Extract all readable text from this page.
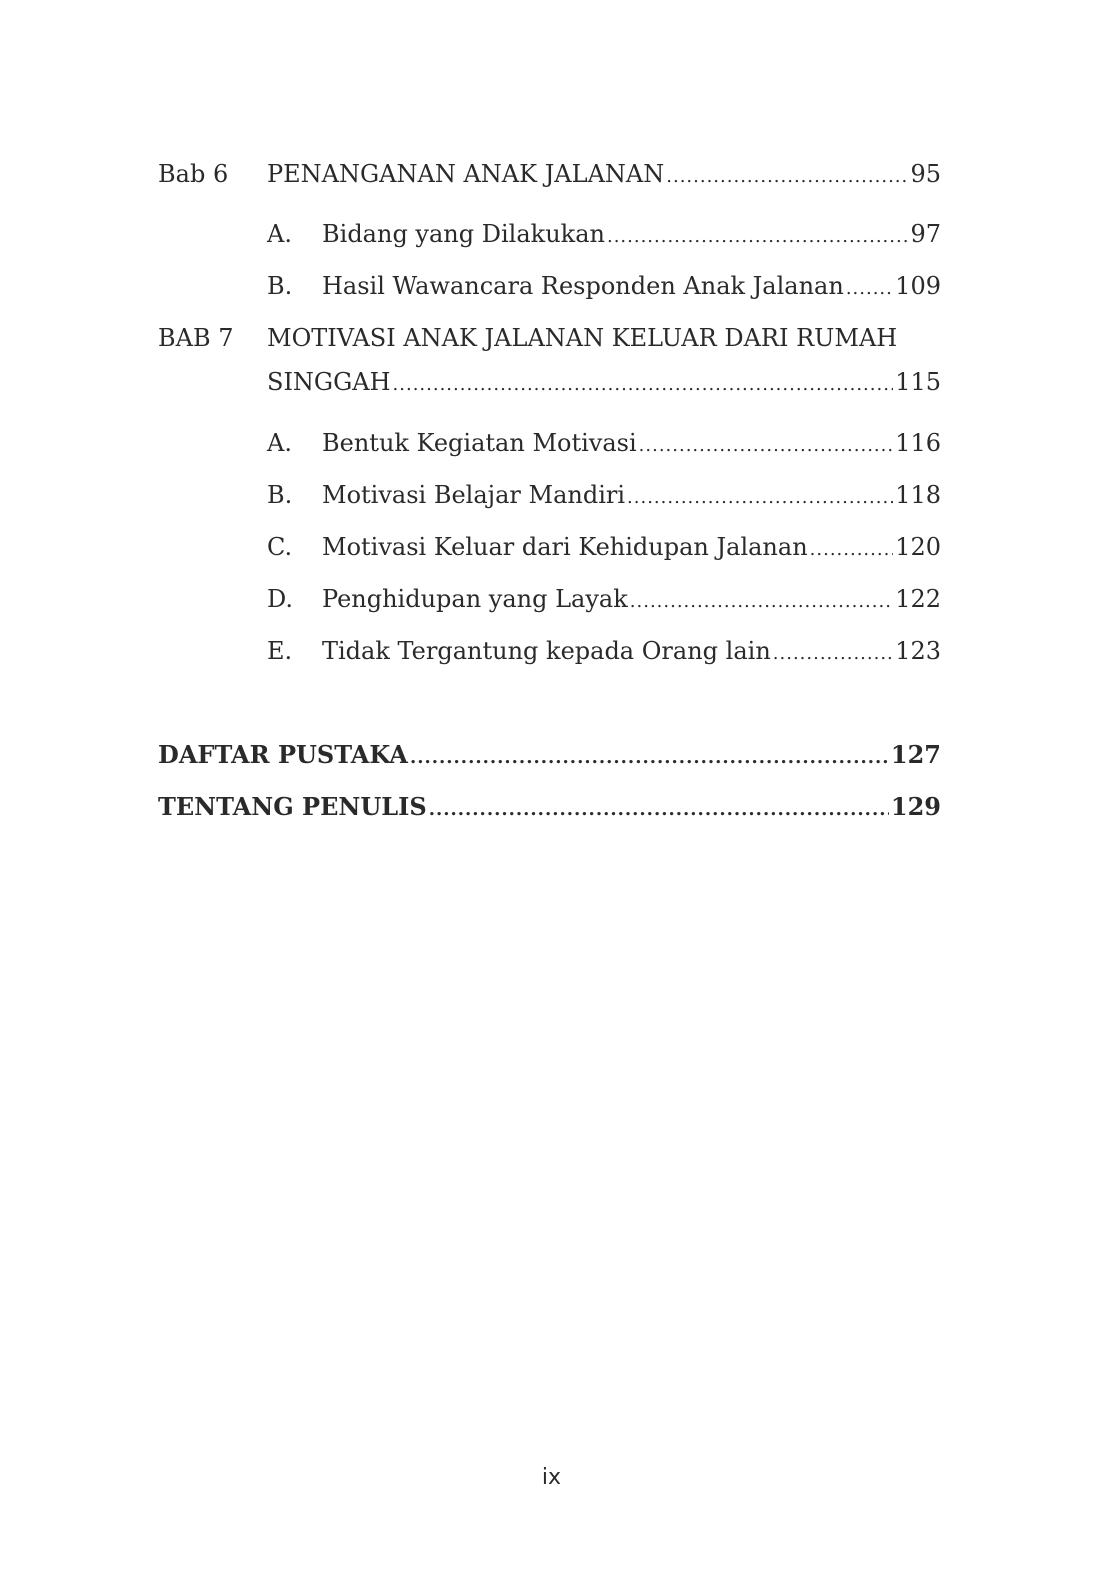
Bab 6 PENANGANAN ANAK JALANAN .....	95
A. Bidang yang Dilakukan .....	97
B. Hasil Wawancara Responden Anak Jalanan ..... 109
BAB 7 MOTIVASI ANAK JALANAN KELUAR DARI RUMAH
SINGGAH .....	115
A. Bentuk Kegiatan Motivasi .....	116
B. Motivasi Belajar Mandiri .....	118
C. Motivasi Keluar dari Kehidupan Jalanan .....	120
D. Penghidupan yang Layak .....	122
E. Tidak Tergantung kepada Orang lain .....	123
DAFTAR PUSTAKA .....	127
TENTANG PENULIS .....	129
ix
